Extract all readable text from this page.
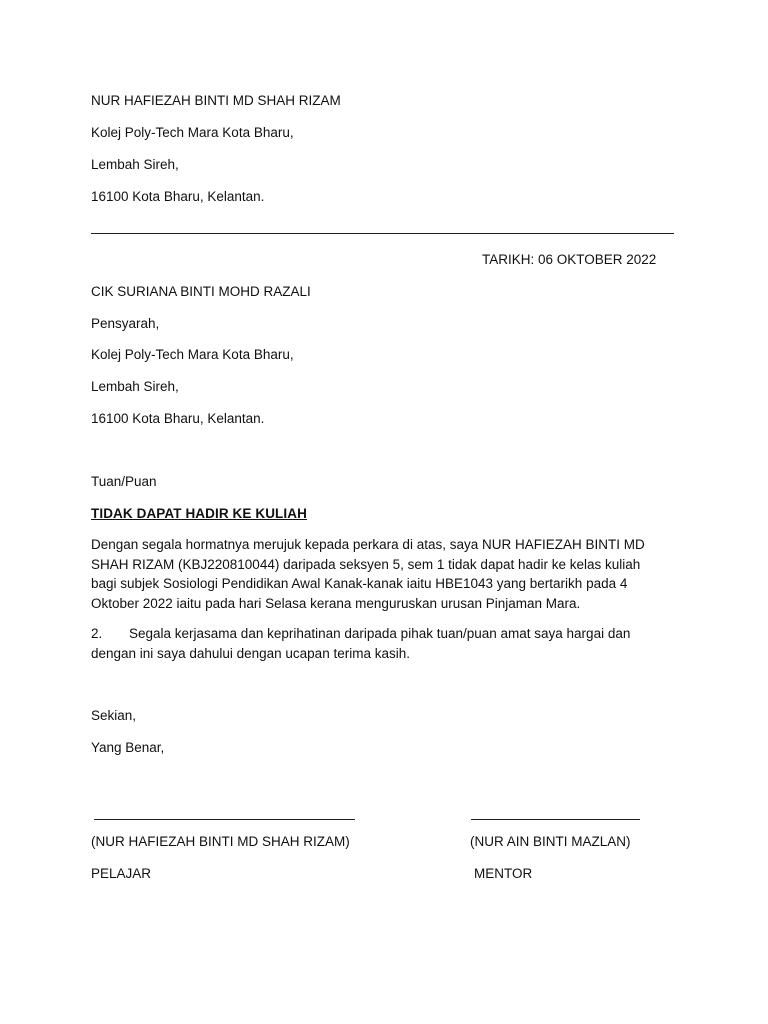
NUR HAFIEZAH BINTI MD SHAH RIZAM
Kolej Poly-Tech Mara Kota Bharu,
Lembah Sireh,
16100 Kota Bharu, Kelantan.
TARIKH: 06 OKTOBER 2022
CIK SURIANA BINTI MOHD RAZALI
Pensyarah,
Kolej Poly-Tech Mara Kota Bharu,
Lembah Sireh,
16100 Kota Bharu, Kelantan.
Tuan/Puan
TIDAK DAPAT HADIR KE KULIAH
Dengan segala hormatnya merujuk kepada perkara di atas, saya NUR HAFIEZAH BINTI MD SHAH RIZAM (KBJ220810044) daripada seksyen 5, sem 1 tidak dapat hadir ke kelas kuliah bagi subjek Sosiologi Pendidikan Awal Kanak-kanak iaitu HBE1043 yang bertarikh pada 4 Oktober 2022 iaitu pada hari Selasa kerana menguruskan urusan Pinjaman Mara.
2. Segala kerjasama dan keprihatinan daripada pihak tuan/puan amat saya hargai dan dengan ini saya dahului dengan ucapan terima kasih.
Sekian,
Yang Benar,
(NUR HAFIEZAH BINTI MD SHAH RIZAM)	(NUR AIN BINTI MAZLAN)
PELAJAR	MENTOR
